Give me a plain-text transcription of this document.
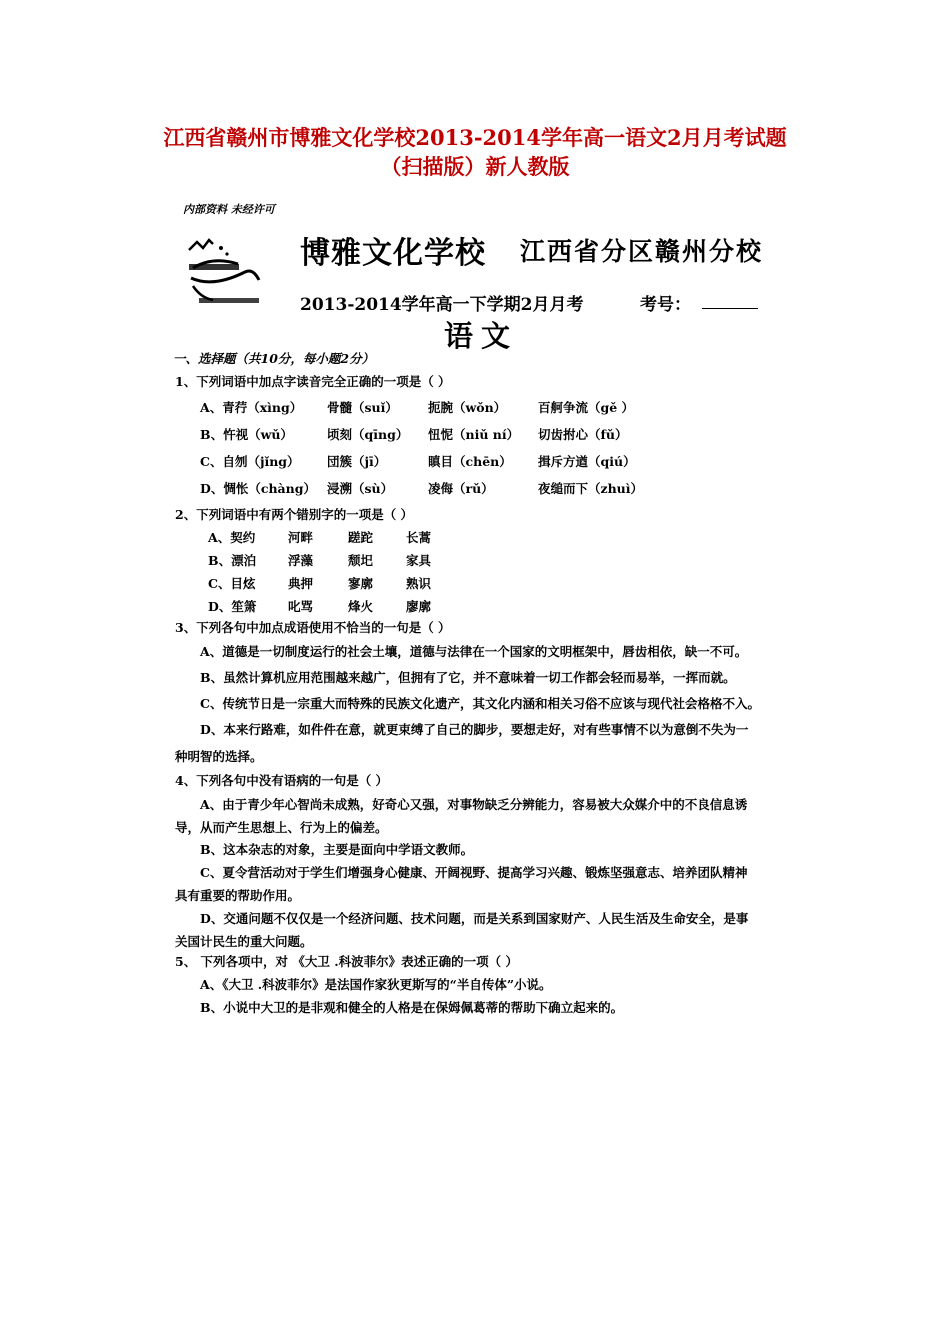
江西省赣州市博雅文化学校2013-2014学年高一语文2月月考试题
（扫描版）新人教版
内部资料 未经许可
博雅文化学校 江西省分区赣州分校
2013-2014学年高一下学期2月月考	考号：
语文
一、选择题（共10分，每小题2分）
1、下列词语中加点字读音完全正确的一项是（ ）
A、青荇（xìng） 骨髓（suǐ） 扼腕（wǒn）	百舸争流（gě ）
B、忤视（wǔ）	顷刻（qīng） 忸怩（niǔ ní） 切齿拊心（fǔ）
C、自刎（jǐng） 団簇（jī）	瞋目（chēn） 揖斥方遒（qiú）
D、惆怅（chàng） 浸溯（sù）	凌侮（rǔ）	夜缒而下（zhuì）
2、下列词语中有两个错别字的一项是（ ）
A、契约	河畔	蹉跎	长蒿
B、漂泊	浮藻	颓圯	家具
C、目炫	典押	寥廓	熟识
D、笙箫	叱骂	烽火	廖廓
3、下列各句中加点成语使用不恰当的一句是（ ）
A、道德是一切制度运行的社会土壤，道德与法律在一个国家的文明框架中，唇齿相依，缺一不可。
B、虽然计算机应用范围越来越广，但拥有了它，并不意味着一切工作都会轻而易举，一挥而就。
C、传统节日是一宗重大而特殊的民族文化遗产，其文化内涵和相关习俗不应该与现代社会格格不入。
D、本来行路难，如件件在意，就更束缚了自己的脚步，要想走好，对有些事情不以为意倒不失为一
种明智的选择。
4、下列各句中没有语病的一句是（ ）
A、由于青少年心智尚未成熟，好奇心又强，对事物缺乏分辨能力，容易被大众媒介中的不良信息诱
导，从而产生思想上、行为上的偏差。
B、这本杂志的对象，主要是面向中学语文教师。
C、夏令营活动对于学生们增强身心健康、开阔视野、提高学习兴趣、锻炼坚强意志、培养团队精神
具有重要的帮助作用。
D、交通问题不仅仅是一个经济问题、技术问题，而是关系到国家财产、人民生活及生命安全，是事
关国计民生的重大问题。
5、 下列各项中，对 《大卫 .科波菲尔》表述正确的一项（ ）
A、《大卫 .科波菲尔》是法国作家狄更斯写的“半自传体”小说。
B、小说中大卫的是非观和健全的人格是在保姆佩葛蒂的帮助下确立起来的。
